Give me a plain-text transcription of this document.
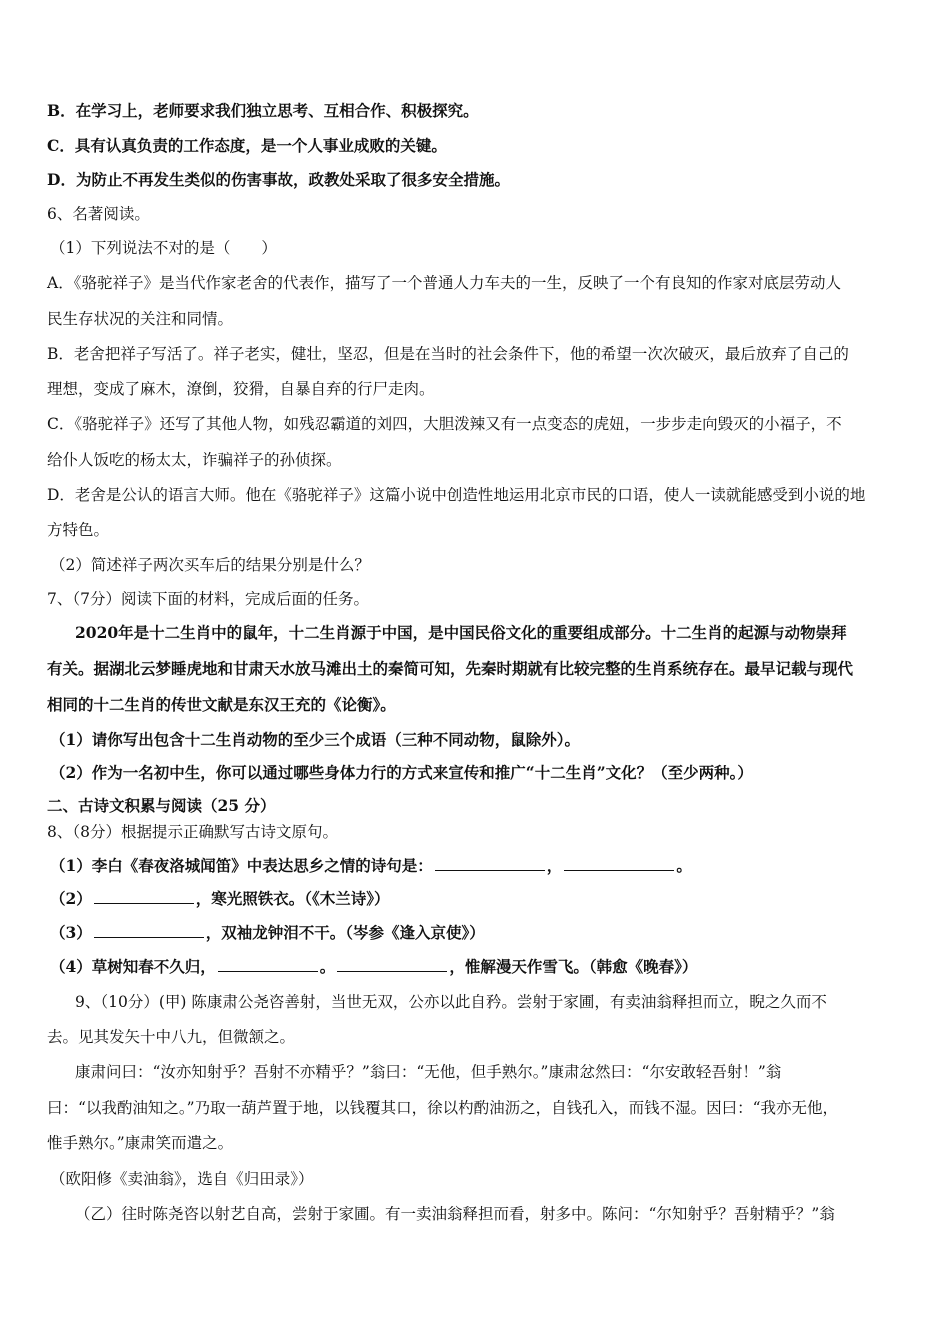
B．在学习上，老师要求我们独立思考、互相合作、积极探究。
C．具有认真负责的工作态度，是一个人事业成败的关键。
D．为防止不再发生类似的伤害事故，政教处采取了很多安全措施。
6、名著阅读。
（1）下列说法不对的是（　　）
A．《骆驼祥子》是当代作家老舍的代表作，描写了一个普通人力车夫的一生，反映了一个有良知的作家对底层劳动人
民生存状况的关注和同情。
B．老舍把祥子写活了。祥子老实，健壮，坚忍，但是在当时的社会条件下，他的希望一次次破灭，最后放弃了自己的
理想，变成了麻木，潦倒，狡猾，自暴自弃的行尸走肉。
C．《骆驼祥子》还写了其他人物，如残忍霸道的刘四，大胆泼辣又有一点变态的虎妞，一步步走向毁灭的小福子，不
给仆人饭吃的杨太太，诈骗祥子的孙侦探。
D．老舍是公认的语言大师。他在《骆驼祥子》这篇小说中创造性地运用北京市民的口语，使人一读就能感受到小说的地
方特色。
（2）简述祥子两次买车后的结果分别是什么？
7、（7分）阅读下面的材料，完成后面的任务。
2020年是十二生肖中的鼠年，十二生肖源于中国，是中国民俗文化的重要组成部分。十二生肖的起源与动物崇拜
有关。据湖北云梦睡虎地和甘肃天水放马滩出土的秦简可知，先秦时期就有比较完整的生肖系统存在。最早记载与现代
相同的十二生肖的传世文献是东汉王充的《论衡》。
（1）请你写出包含十二生肖动物的至少三个成语（三种不同动物，鼠除外）。
（2）作为一名初中生，你可以通过哪些身体力行的方式来宣传和推广“十二生肖”文化？（至少两种。）
二、古诗文积累与阅读（25 分）
8、（8分）根据提示正确默写古诗文原句。
（1）李白《春夜洛城闻笛》中表达思乡之情的诗句是：	，	。
（2）	，寒光照铁衣。（《木兰诗》）
（3）	，双袖龙钟泪不干。（岑参《逢入京使》）
（4）草树知春不久归，	。	，惟解漫天作雪飞。（韩愈《晚春》）
9、（10分）(甲) 陈康肃公尧咨善射，当世无双，公亦以此自矜。尝射于家圃，有卖油翁释担而立，睨之久而不
去。见其发矢十中八九，但微颔之。
康肃问曰：“汝亦知射乎？吾射不亦精乎？”翁曰：“无他，但手熟尔。”康肃忿然曰：“尔安敢轻吾射！”翁
曰：“以我酌油知之。”乃取一葫芦置于地，以钱覆其口，徐以杓酌油沥之，自钱孔入，而钱不湿。因曰：“我亦无他，
惟手熟尔。”康肃笑而遣之。
（欧阳修《卖油翁》，选自《归田录》）
（乙）往时陈尧咨以射艺自高，尝射于家圃。有一卖油翁释担而看，射多中。陈问：“尔知射乎？吾射精乎？”翁
